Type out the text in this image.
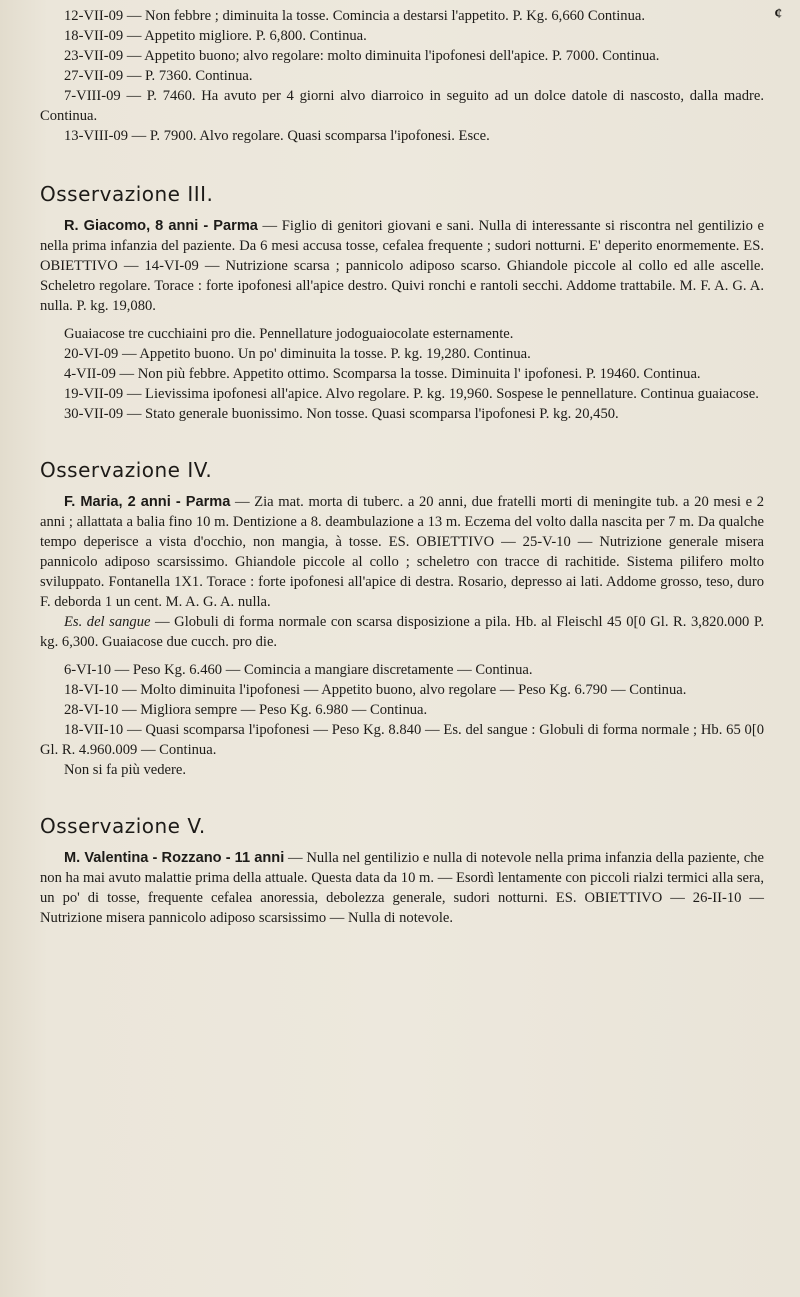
¢

12-VII-09 — Non febbre ; diminuita la tosse. Comincia a destarsi l'appetito. P. Kg. 6,660 Continua.

18-VII-09 — Appetito migliore. P. 6,800. Continua.

23-VII-09 — Appetito buono; alvo regolare: molto diminuita l'ipofonesi dell'apice. P. 7000. Continua.

27-VII-09 — P. 7360. Continua.

7-VIII-09 — P. 7460. Ha avuto per 4 giorni alvo diarroico in seguito ad un dolce datole di nascosto, dalla madre. Continua.

13-VIII-09 — P. 7900. Alvo regolare. Quasi scomparsa l'ipofonesi. Esce.

Osservazione III.

R. Giacomo, 8 anni - Parma — Figlio di genitori giovani e sani. Nulla di interessante si riscontra nel gentilizio e nella prima infanzia del paziente. Da 6 mesi accusa tosse, cefalea frequente ; sudori notturni. E' deperito enormemente. ES. OBIETTIVO — 14-VI-09 — Nutrizione scarsa ; pannicolo adiposo scarso. Ghiandole piccole al collo ed alle ascelle. Scheletro regolare. Torace : forte ipofonesi all'apice destro. Quivi ronchi e rantoli secchi. Addome trattabile. M. F. A. G. A. nulla. P. kg. 19,080.

Guaiacose tre cucchiaini pro die. Pennellature jodoguaiocolate esternamente.

20-VI-09 — Appetito buono. Un po' diminuita la tosse. P. kg. 19,280. Continua.

4-VII-09 — Non più febbre. Appetito ottimo. Scomparsa la tosse. Diminuita l' ipofonesi. P. 19460. Continua.

19-VII-09 — Lievissima ipofonesi all'apice. Alvo regolare. P. kg. 19,960. Sospese le pennellature. Continua guaiacose.

30-VII-09 — Stato generale buonissimo. Non tosse. Quasi scomparsa l'ipofonesi P. kg. 20,450.

Osservazione IV.

F. Maria, 2 anni - Parma — Zia mat. morta di tuberc. a 20 anni, due fratelli morti di meningite tub. a 20 mesi e 2 anni ; allattata a balia fino 10 m. Dentizione a 8. deambulazione a 13 m. Eczema del volto dalla nascita per 7 m. Da qualche tempo deperisce a vista d'occhio, non mangia, à tosse. ES. OBIETTIVO — 25-V-10 — Nutrizione generale misera pannicolo adiposo scarsissimo. Ghiandole piccole al collo ; scheletro con tracce di rachitide. Sistema pilifero molto sviluppato. Fontanella 1X1. Torace : forte ipofonesi all'apice di destra. Rosario, depresso ai lati. Addome grosso, teso, duro F. deborda 1 un cent. M. A. G. A. nulla.

Es. del sangue — Globuli di forma normale con scarsa disposizione a pila. Hb. al Fleischl 45 0[0 Gl. R. 3,820.000 P. kg. 6,300. Guaiacose due cucch. pro die.

6-VI-10 — Peso Kg. 6.460 — Comincia a mangiare discretamente — Continua.

18-VI-10 — Molto diminuita l'ipofonesi — Appetito buono, alvo regolare — Peso Kg. 6.790 — Continua.

28-VI-10 — Migliora sempre — Peso Kg. 6.980 — Continua.

18-VII-10 — Quasi scomparsa l'ipofonesi — Peso Kg. 8.840 — Es. del sangue : Globuli di forma normale ; Hb. 65 0[0 Gl. R. 4.960.009 — Continua.

Non si fa più vedere.

Osservazione V.

M. Valentina - Rozzano - 11 anni — Nulla nel gentilizio e nulla di notevole nella prima infanzia della paziente, che non ha mai avuto malattie prima della attuale. Questa data da 10 m. — Esordì lentamente con piccoli rialzi termici alla sera, un po' di tosse, frequente cefalea anoressia, debolezza generale, sudori notturni. ES. OBIETTIVO — 26-II-10 — Nutrizione misera pannicolo adiposo scarsissimo — Nulla di notevole.
